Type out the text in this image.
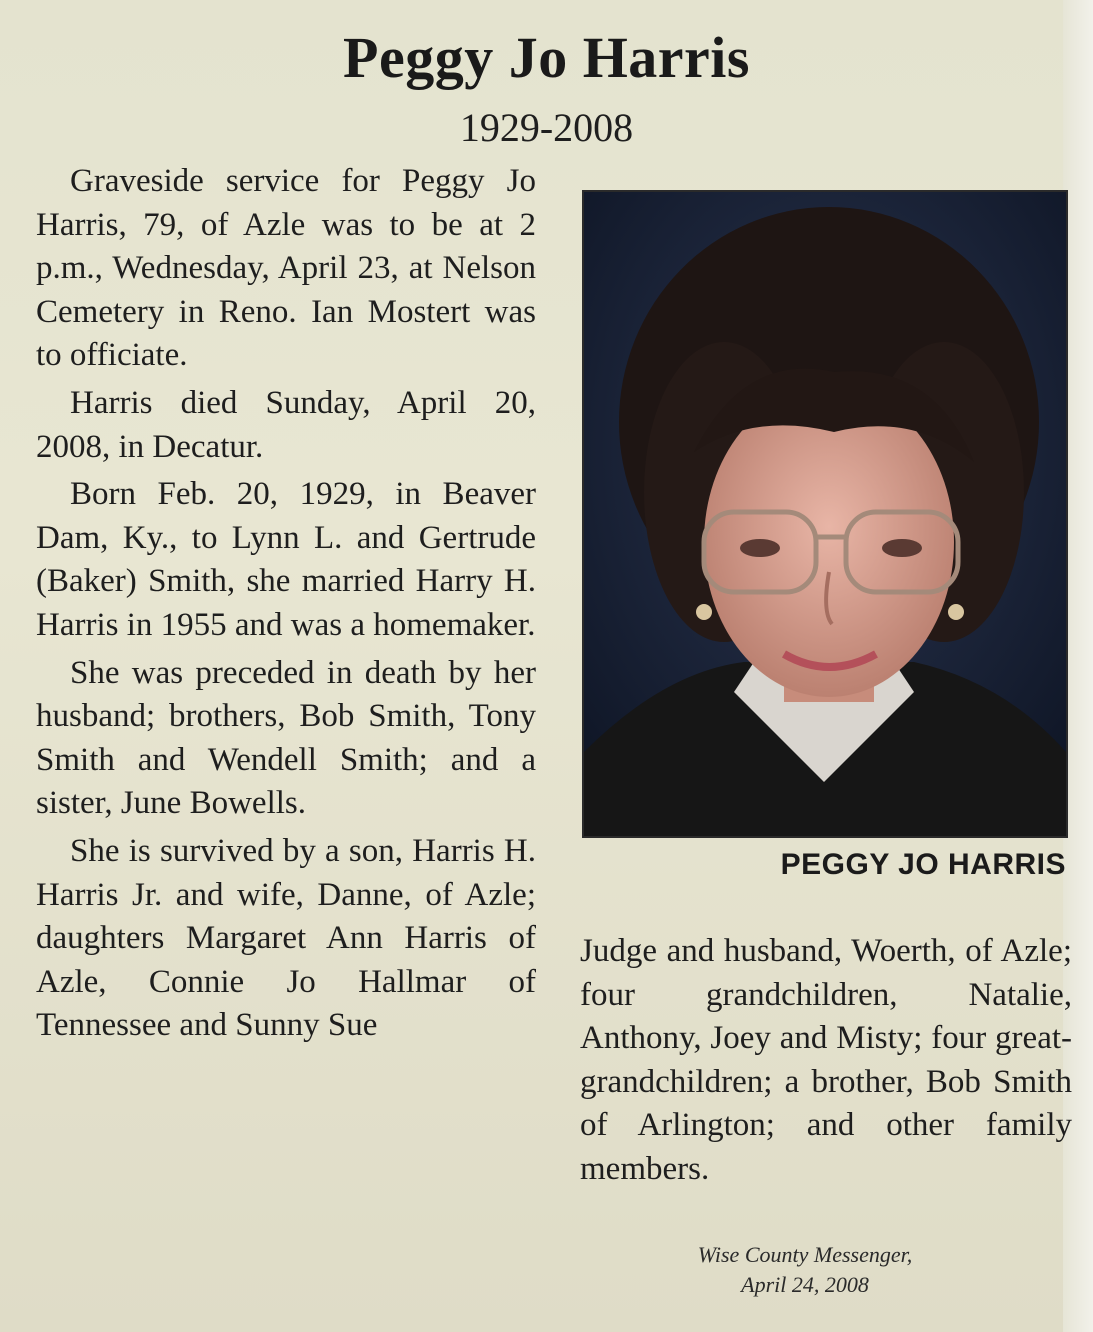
Peggy Jo Harris
1929-2008

Graveside service for Peggy Jo Harris, 79, of Azle was to be at 2 p.m., Wednesday, April 23, at Nelson Cemetery in Reno. Ian Mostert was to officiate.

Harris died Sunday, April 20, 2008, in Decatur.

Born Feb. 20, 1929, in Beaver Dam, Ky., to Lynn L. and Gertrude (Baker) Smith, she married Harry H. Harris in 1955 and was a homemaker.

She was preceded in death by her husband; brothers, Bob Smith, Tony Smith and Wendell Smith; and a sister, June Bowells.

She is survived by a son, Harris H. Harris Jr. and wife, Danne, of Azle; daughters Margaret Ann Harris of Azle, Connie Jo Hallmar of Tennessee and Sunny Sue

PEGGY JO HARRIS

Judge and husband, Woerth, of Azle; four grandchildren, Natalie, Anthony, Joey and Misty; four great-grandchildren; a brother, Bob Smith of Arlington; and other family members.

Wise County Messenger,
April 24, 2008
